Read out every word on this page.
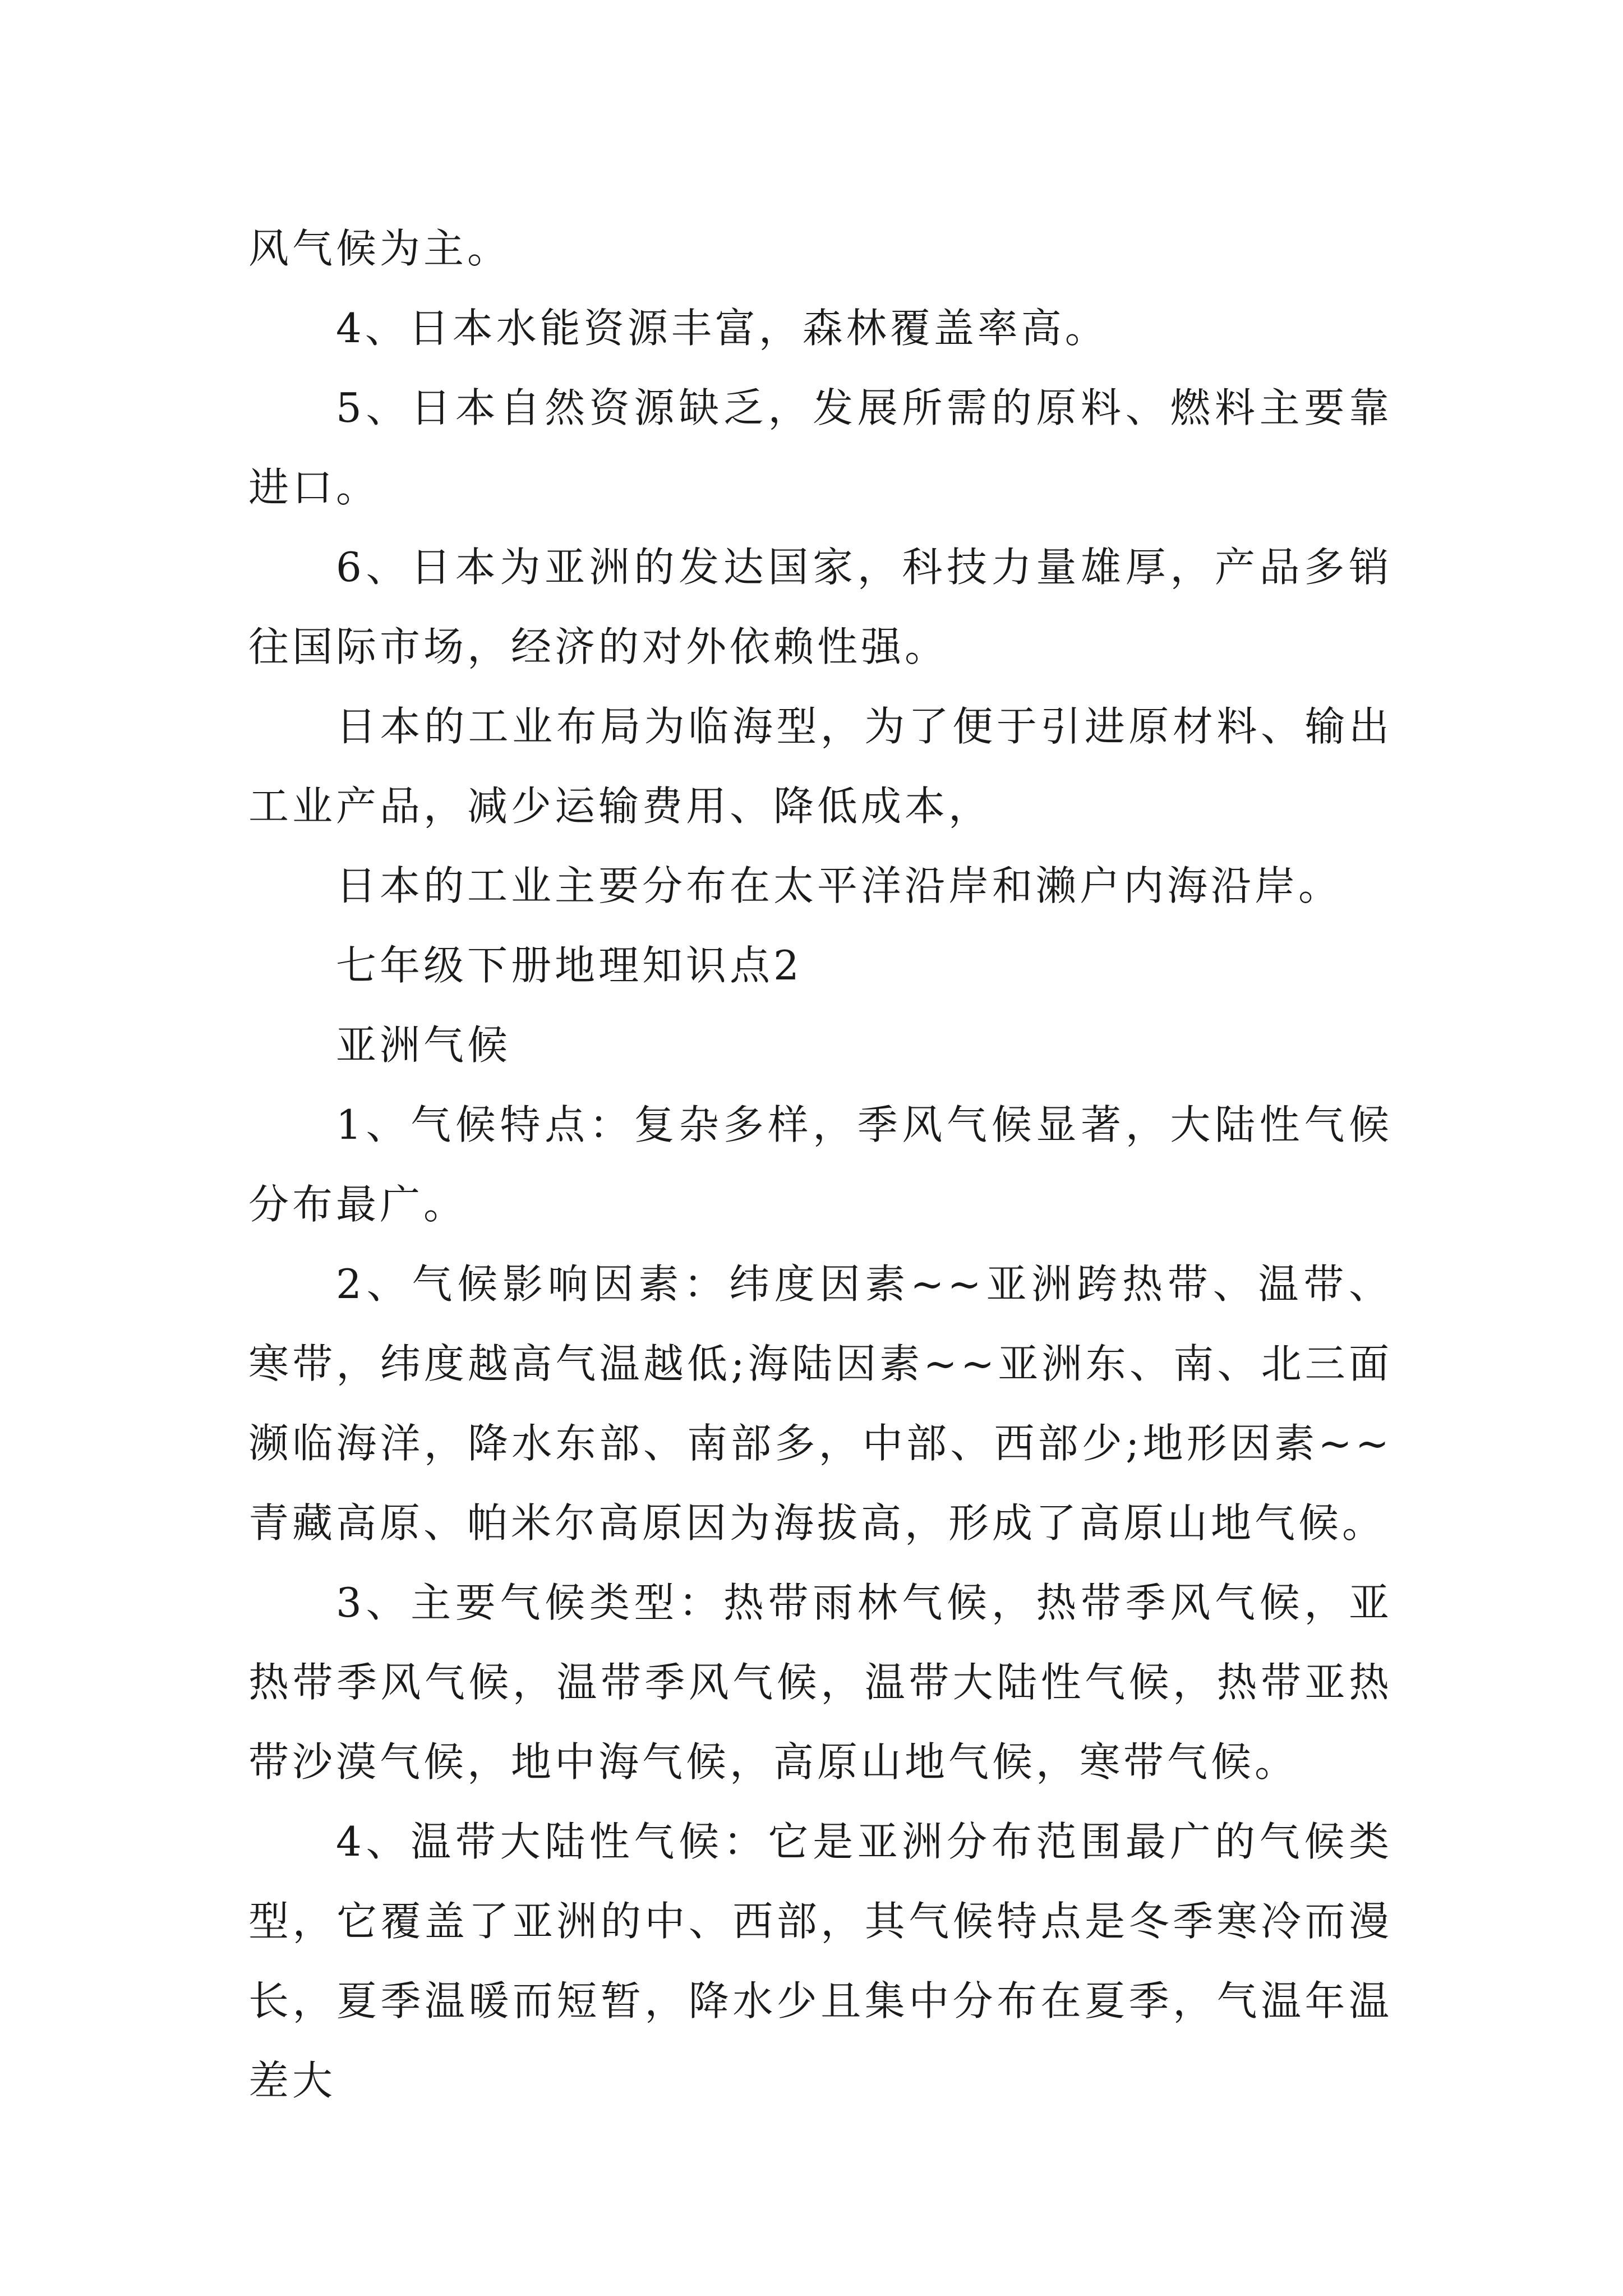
风气候为主。

4、日本水能资源丰富，森林覆盖率高。

5、日本自然资源缺乏，发展所需的原料、燃料主要靠进口。

6、日本为亚洲的发达国家，科技力量雄厚，产品多销往国际市场，经济的对外依赖性强。

日本的工业布局为临海型，为了便于引进原材料、输出工业产品，减少运输费用、降低成本，

日本的工业主要分布在太平洋沿岸和濑户内海沿岸。

七年级下册地理知识点2

亚洲气候

1、气候特点：复杂多样，季风气候显著，大陆性气候分布最广。

2、气候影响因素：纬度因素~~亚洲跨热带、温带、寒带，纬度越高气温越低;海陆因素~~亚洲东、南、北三面濒临海洋，降水东部、南部多，中部、西部少;地形因素~~青藏高原、帕米尔高原因为海拔高，形成了高原山地气候。

3、主要气候类型：热带雨林气候，热带季风气候，亚热带季风气候，温带季风气候，温带大陆性气候，热带亚热带沙漠气候，地中海气候，高原山地气候，寒带气候。

4、温带大陆性气候：它是亚洲分布范围最广的气候类型，它覆盖了亚洲的中、西部，其气候特点是冬季寒冷而漫长，夏季温暖而短暂，降水少且集中分布在夏季，气温年温差大
